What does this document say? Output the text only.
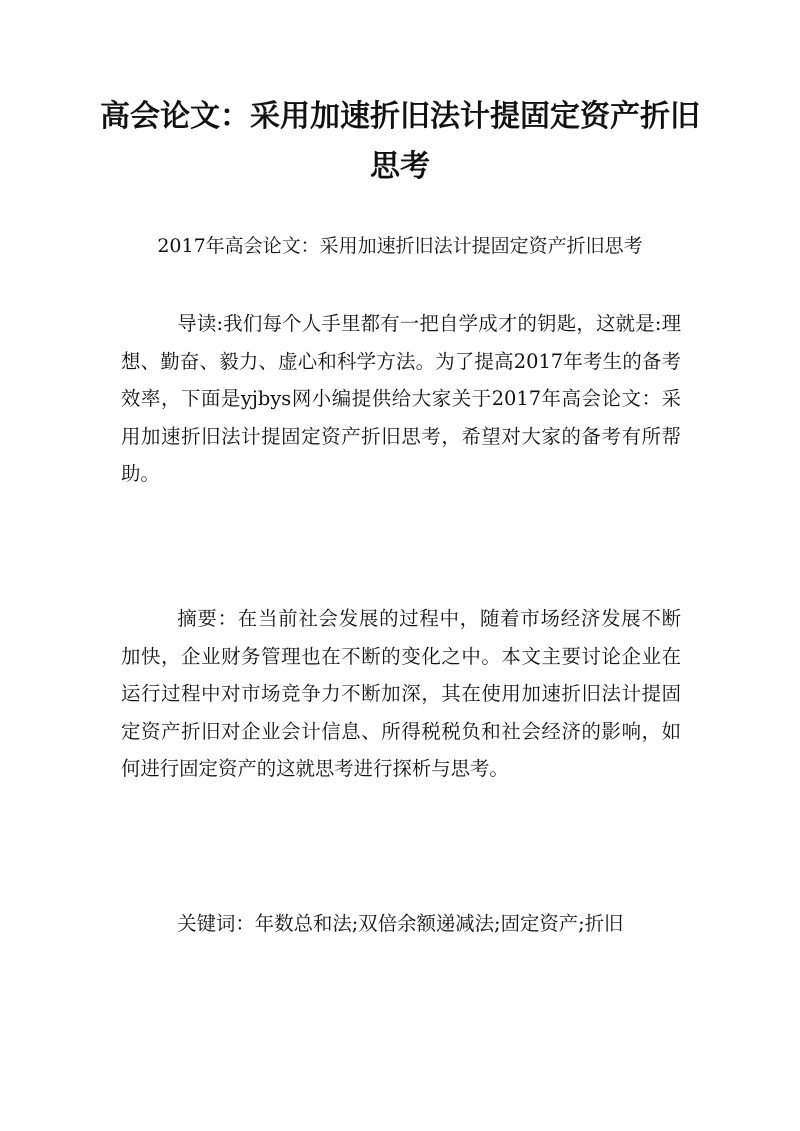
高会论文：采用加速折旧法计提固定资产折旧思考

2017年高会论文：采用加速折旧法计提固定资产折旧思考

导读:我们每个人手里都有一把自学成才的钥匙，这就是:理想、勤奋、毅力、虚心和科学方法。为了提高2017年考生的备考效率，下面是yjbys网小编提供给大家关于2017年高会论文：采用加速折旧法计提固定资产折旧思考，希望对大家的备考有所帮助。

摘要：在当前社会发展的过程中，随着市场经济发展不断加快，企业财务管理也在不断的变化之中。本文主要讨论企业在运行过程中对市场竞争力不断加深，其在使用加速折旧法计提固定资产折旧对企业会计信息、所得税税负和社会经济的影响，如何进行固定资产的这就思考进行探析与思考。

关键词：年数总和法;双倍余额递减法;固定资产;折旧
